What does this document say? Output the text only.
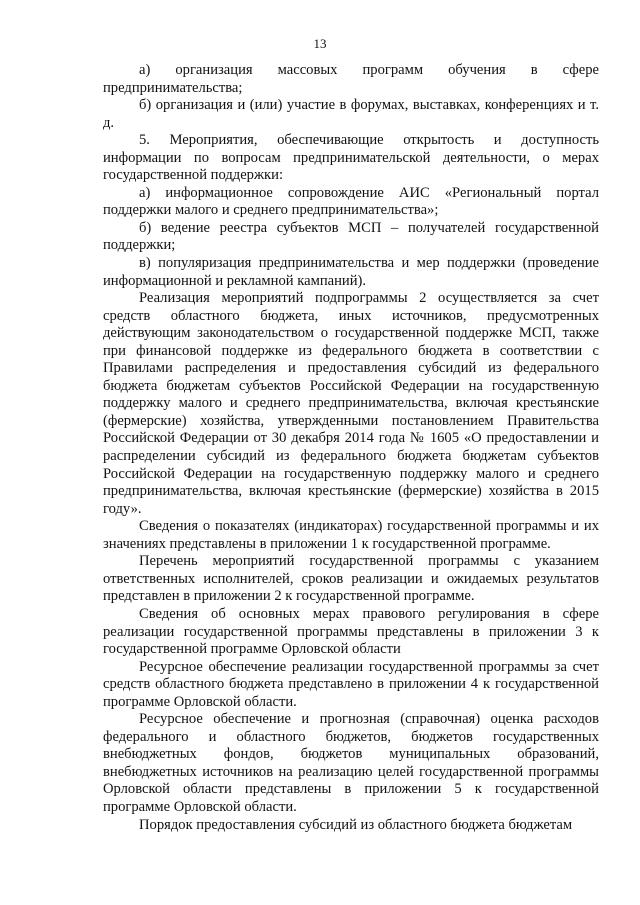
13

а) организация массовых программ обучения в сфере предпринимательства;

б) организация и (или) участие в форумах, выставках, конференциях и т. д.

5. Мероприятия, обеспечивающие открытость и доступность информации по вопросам предпринимательской деятельности, о мерах государственной поддержки:

а) информационное сопровождение АИС «Региональный портал поддержки малого и среднего предпринимательства»;

б) ведение реестра субъектов МСП – получателей государственной поддержки;

в) популяризация предпринимательства и мер поддержки (проведение информационной и рекламной кампаний).

Реализация мероприятий подпрограммы 2 осуществляется за счет средств областного бюджета, иных источников, предусмотренных действующим законодательством о государственной поддержке МСП, также при финансовой поддержке из федерального бюджета в соответствии с Правилами распределения и предоставления субсидий из федерального бюджета бюджетам субъектов Российской Федерации на государственную поддержку малого и среднего предпринимательства, включая крестьянские (фермерские) хозяйства, утвержденными постановлением Правительства Российской Федерации от 30 декабря 2014 года № 1605 «О предоставлении и распределении субсидий из федерального бюджета бюджетам субъектов Российской Федерации на государственную поддержку малого и среднего предпринимательства, включая крестьянские (фермерские) хозяйства в 2015 году».

Сведения о показателях (индикаторах) государственной программы и их значениях представлены в приложении 1 к государственной программе.

Перечень мероприятий государственной программы с указанием ответственных исполнителей, сроков реализации и ожидаемых результатов представлен в приложении 2 к государственной программе.

Сведения об основных мерах правового регулирования в сфере реализации государственной программы представлены в приложении 3 к государственной программе Орловской области

Ресурсное обеспечение реализации государственной программы за счет средств областного бюджета представлено в приложении 4 к государственной программе Орловской области.

Ресурсное обеспечение и прогнозная (справочная) оценка расходов федерального и областного бюджетов, бюджетов государственных внебюджетных фондов, бюджетов муниципальных образований, внебюджетных источников на реализацию целей государственной программы Орловской области представлены в приложении 5 к государственной программе Орловской области.

Порядок предоставления субсидий из областного бюджета бюджетам
